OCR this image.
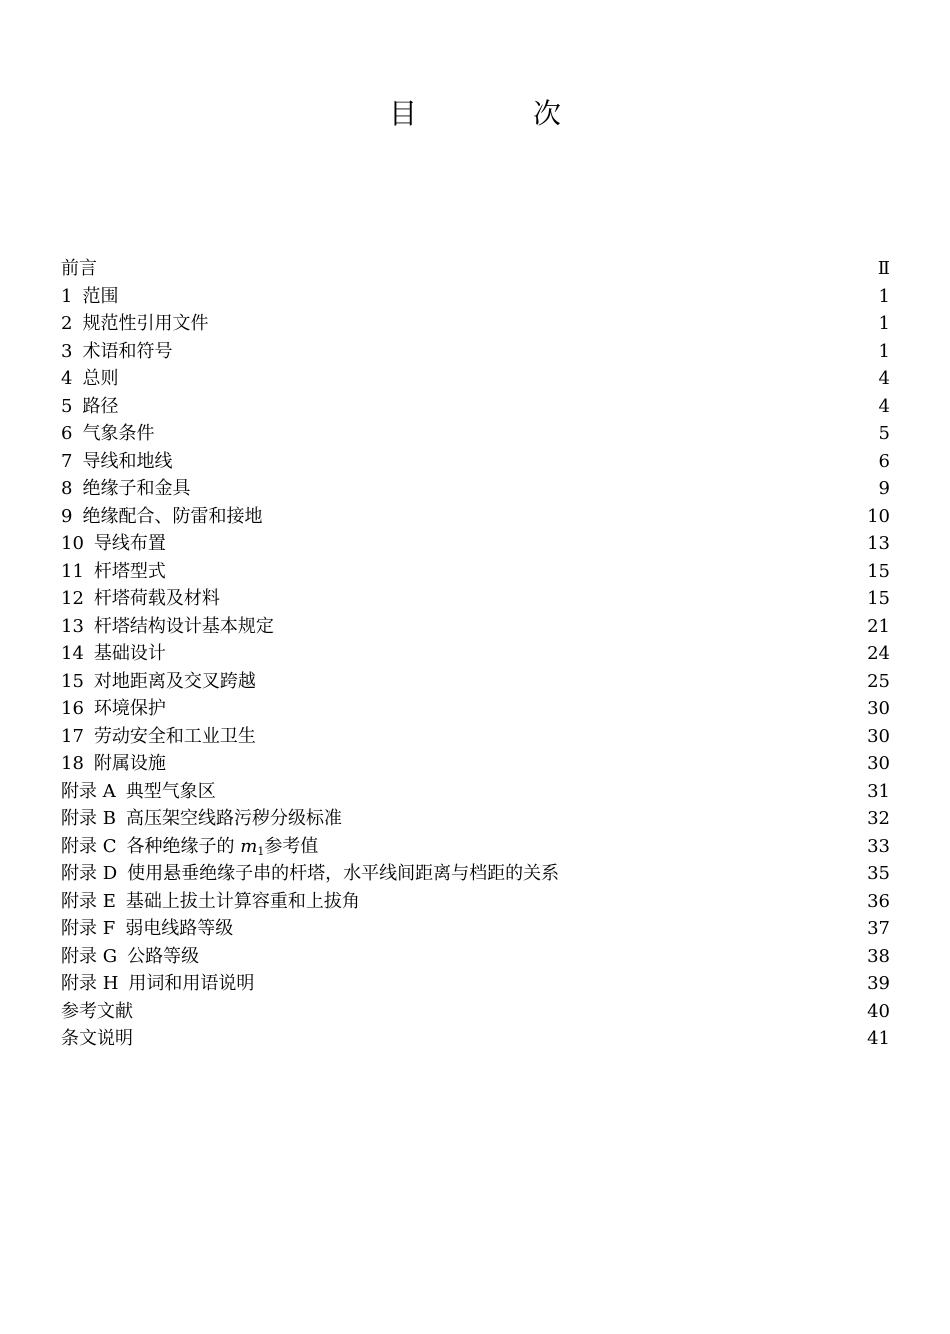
目　次
前言	Ⅱ
1 范围	1
2 规范性引用文件	1
3 术语和符号	1
4 总则	4
5 路径	4
6 气象条件	5
7 导线和地线	6
8 绝缘子和金具	9
9 绝缘配合、防雷和接地	10
10 导线布置	13
11 杆塔型式	15
12 杆塔荷载及材料	15
13 杆塔结构设计基本规定	21
14 基础设计	24
15 对地距离及交叉跨越	25
16 环境保护	30
17 劳动安全和工业卫生	30
18 附属设施	30
附录 A 典型气象区	31
附录 B 高压架空线路污秽分级标准	32
附录 C 各种绝缘子的 m1参考值	33
附录 D 使用悬垂绝缘子串的杆塔，水平线间距离与档距的关系	35
附录 E 基础上拔土计算容重和上拔角	36
附录 F 弱电线路等级	37
附录 G 公路等级	38
附录 H 用词和用语说明	39
参考文献	40
条文说明	41
